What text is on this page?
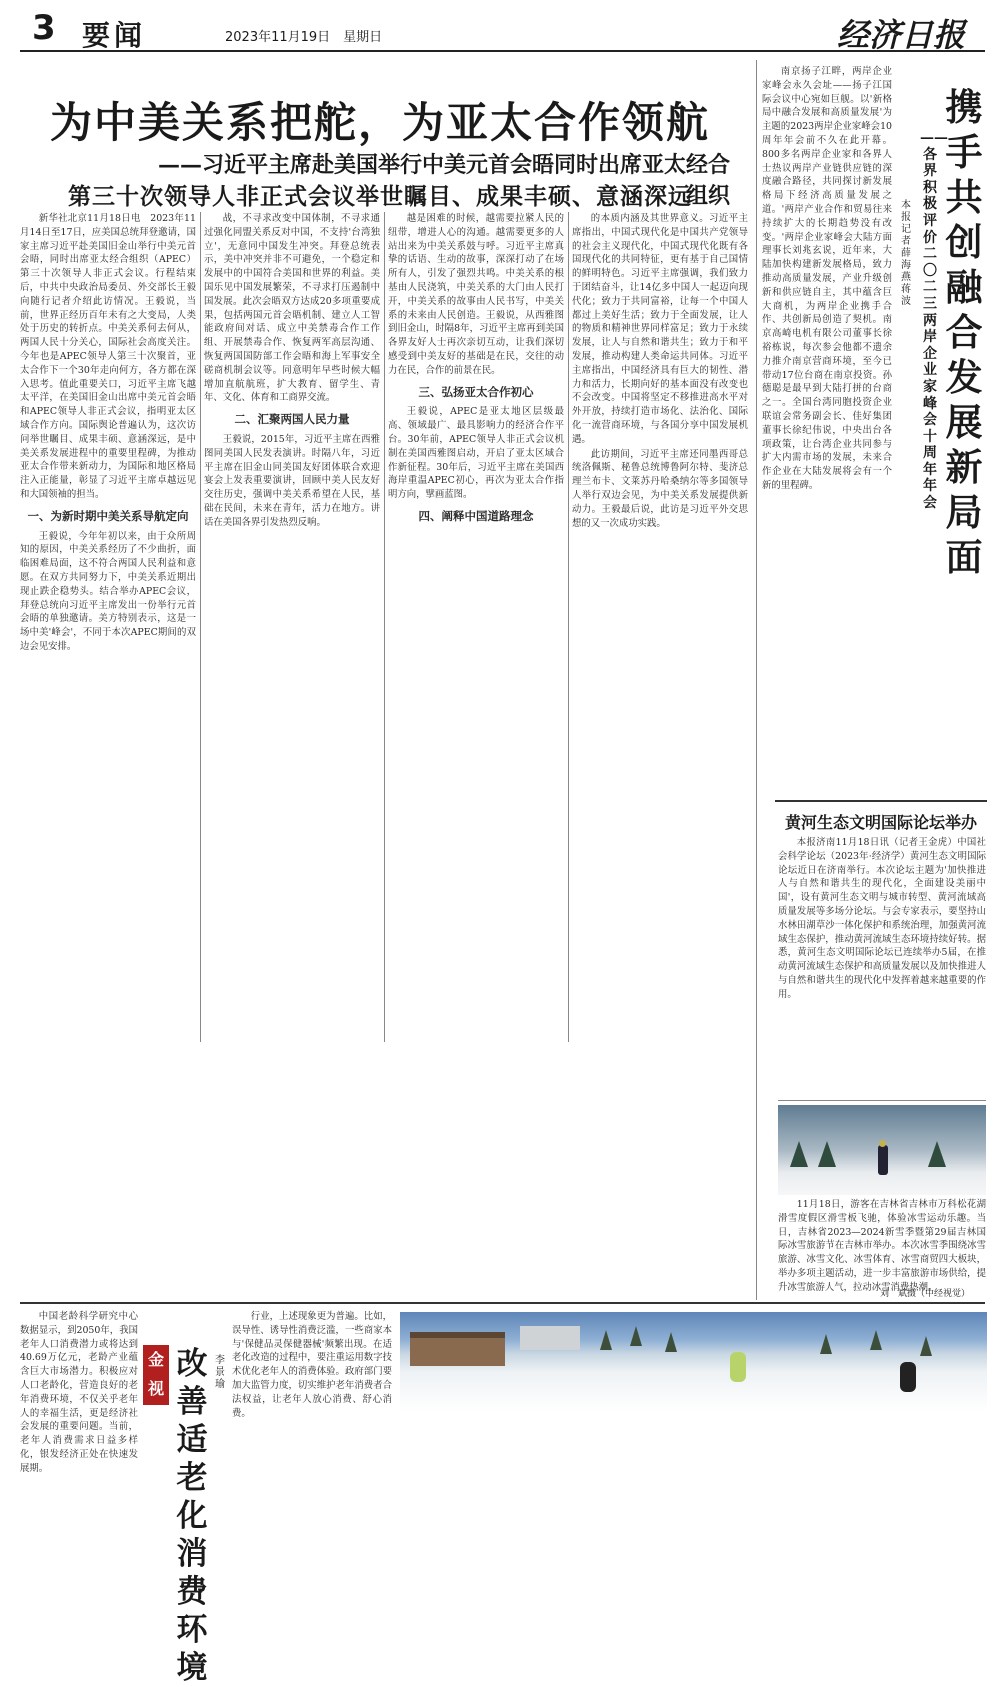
3 要闻	2023年11月19日　星期日	经济日报
为中美关系把舵，为亚太合作领航
——习近平主席赴美国举行中美元首会晤同时出席亚太经合组织
第三十次领导人非正式会议举世瞩目、成果丰硕、意涵深远

新华社北京11月18日电　2023年11月14日至17日，应美国总统拜登邀请，国家主席习近平赴美国旧金山举行中美元首会晤，同时出席亚太经合组织（APEC）第三十次领导人非正式会议。行程结束后，中共中央政治局委员、外交部长王毅向随行记者介绍此访情况。王毅说，当前，世界正经历百年未有之大变局，人类处于历史的转折点。中美关系何去何从，两国人民十分关心，国际社会高度关注。今年也是APEC领导人第三十次聚首，亚太合作下一个30年走向何方，各方都在深入思考。值此重要关口，习近平主席飞越太平洋，在美国旧金山出席中美元首会晤和APEC领导人非正式会议，指明亚太区域合作方向。国际舆论普遍认为，这次访问举世瞩目、成果丰硕、意涵深远，是中美关系发展进程中的重要里程碑，为推动亚太合作带来新动力，为国际和地区格局注入正能量，彰显了习近平主席卓越远见和大国领袖的担当。

一、为新时期中美关系导航定向

王毅说，今年年初以来，由于众所周知的原因，中美关系经历了不少曲折，面临困难局面，这不符合两国人民利益和意愿。在双方共同努力下，中美关系近期出现止跌企稳势头。结合举办APEC会议，拜登总统向习近平主席发出一份举行元首会晤的单独邀请。美方特别表示，这是一场中美'峰会'，不同于本次APEC期间的双边会见安排。

战，不寻求改变中国体制，不寻求通过强化同盟关系反对中国，不支持'台湾独立'，无意同中国发生冲突。拜登总统表示，美中冲突并非不可避免，一个稳定和发展中的中国符合美国和世界的利益。美国乐见中国发展繁荣，不寻求打压遏制中国发展。此次会晤双方达成20多项重要成果，包括两国元首会晤机制、建立人工智能政府间对话、成立中美禁毒合作工作组、开展禁毒合作、恢复两军高层沟通、恢复两国国防部工作会晤和海上军事安全磋商机制会议等。同意明年早些时候大幅增加直航航班，扩大教育、留学生、青年、文化、体育和工商界交流。

二、汇聚两国人民力量

王毅说，2015年，习近平主席在西雅图同美国人民发表演讲。时隔八年，习近平主席在旧金山同美国友好团体联合欢迎宴会上发表重要演讲，回顾中美人民友好交往历史，强调中美关系希望在人民，基础在民间，未来在青年，活力在地方。讲话在美国各界引发热烈反响。

越是困难的时候，越需要拉紧人民的纽带，增进人心的沟通。越需要更多的人站出来为中美关系鼓与呼。习近平主席真挚的话语、生动的故事，深深打动了在场所有人，引发了强烈共鸣。中美关系的根基由人民浇筑，中美关系的大门由人民打开，中美关系的故事由人民书写，中美关系的未来由人民创造。王毅说，从西雅图到旧金山，时隔8年，习近平主席再到美国各界友好人士再次亲切互动，让我们深切感受到中美友好的基础是在民，交往的动力在民，合作的前景在民。

三、弘扬亚太合作初心

王毅说，APEC是亚太地区层级最高、领域最广、最具影响力的经济合作平台。30年前，APEC领导人非正式会议机制在美国西雅图启动，开启了亚太区域合作新征程。30年后，习近平主席在美国西海岸重温APEC初心，再次为亚太合作指明方向，擘画蓝图。

四、阐释中国道路理念

的本质内涵及其世界意义。习近平主席指出，中国式现代化是中国共产党领导的社会主义现代化，中国式现代化既有各国现代化的共同特征，更有基于自己国情的鲜明特色。习近平主席强调，我们致力于团结奋斗，让14亿多中国人一起迈向现代化；致力于共同富裕，让每一个中国人都过上美好生活；致力于全面发展，让人的物质和精神世界同样富足；致力于永续发展，让人与自然和谐共生；致力于和平发展，推动构建人类命运共同体。习近平主席指出，中国经济具有巨大的韧性、潜力和活力，长期向好的基本面没有改变也不会改变。中国将坚定不移推进高水平对外开放，持续打造市场化、法治化、国际化一流营商环境，与各国分享中国发展机遇。

此访期间，习近平主席还同墨西哥总统洛佩斯、秘鲁总统博鲁阿尔特、斐济总理兰布卡、文莱苏丹哈桑纳尔等多国领导人举行双边会见，为中美关系发展提供新动力。王毅最后说，此访是习近平外交思想的又一次成功实践。

南京扬子江畔，两岸企业家峰会永久会址——扬子江国际会议中心宛如巨舰。以'新格局中融合发展和高质量发展'为主题的2023两岸企业家峰会10周年年会前不久在此开幕。800多名两岸企业家和各界人士热议两岸产业链供应链的深度融合路径，共同探讨新发展格局下经济高质量发展之道。'两岸产业合作和贸易往来持续扩大的长期趋势没有改变。'两岸企业家峰会大陆方面理事长刘兆玄说，近年来，大陆加快构建新发展格局，致力推动高质量发展，产业升级创新和供应链自主，其中蕴含巨大商机，为两岸企业携手合作、共创新局创造了契机。南京高崎电机有限公司董事长徐裕栋说，每次参会他都不遗余力推介南京营商环境，至今已带动17位台商在南京投资。孙德聪是最早到大陆打拼的台商之一。全国台湾同胞投资企业联谊会常务副会长、佳好集团董事长徐纪伟说，中央出台各项政策，让台湾企业共同参与扩大内需市场的发展，未来合作企业在大陆发展将会有一个新的里程碑。

本报记者　薛海燕　蒋波
——各界积极评价二〇二三两岸企业家峰会十周年年会
携手共创融合发展新局面
黄河生态文明国际论坛举办

本报济南11月18日讯（记者王金虎）中国社会科学论坛（2023年·经济学）黄河生态文明国际论坛近日在济南举行。本次论坛主题为'加快推进人与自然和谐共生的现代化，全面建设美丽中国'，设有黄河生态文明与城市转型、黄河流域高质量发展等多场分论坛。与会专家表示，要坚持山水林田湖草沙一体化保护和系统治理，加强黄河流域生态保护，推动黄河流域生态环境持续好转。据悉，黄河生态文明国际论坛已连续举办5届，在推动黄河流域生态保护和高质量发展以及加快推进人与自然和谐共生的现代化中发挥着越来越重要的作用。

11月18日，游客在吉林省吉林市万科松花湖滑雪度假区滑雪板飞驰，体验冰雪运动乐趣。当日，吉林省2023—2024新雪季暨第29届吉林国际冰雪旅游节在吉林市举办。本次冰雪季围绕冰雪旅游、冰雪文化、冰雪体育、冰雪商贸四大板块，举办多项主题活动，进一步丰富旅游市场供给，提升冰雪旅游人气，拉动冰雪消费热潮。

刘　斌摄（中经视觉）

中国老龄科学研究中心数据显示，到2050年，我国老年人口消费潜力或将达到40.69万亿元，老龄产业蕴含巨大市场潜力。积极应对人口老龄化，营造良好的老年消费环境，不仅关乎老年人的幸福生活，更是经济社会发展的重要问题。当前，老年人消费需求日益多样化，银发经济正处在快速发展期。

金视角
改善适老化消费环境
李景瑜

行业，上述现象更为普遍。比如，误导性、诱导性消费泛滥，一些商家本与'保健品灵保健器械'频繁出现。在适老化改造的过程中，要注重运用数字技术优化老年人的消费体验。政府部门要加大监管力度，切实维护老年消费者合法权益，让老年人放心消费、舒心消费。
